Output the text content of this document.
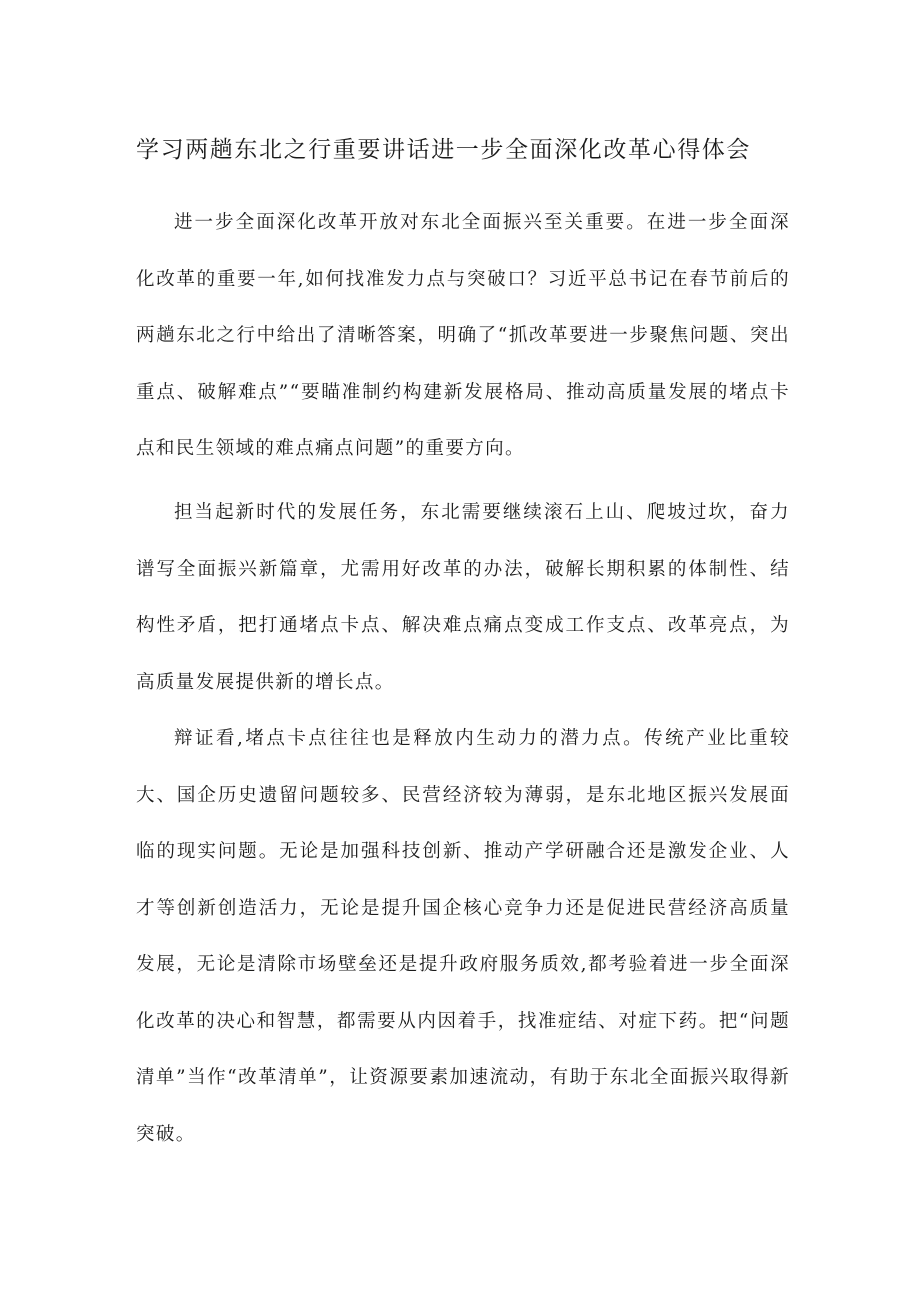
学习两趟东北之行重要讲话进一步全面深化改革心得体会

进一步全面深化改革开放对东北全面振兴至关重要。在进一步全面深化改革的重要一年,如何找准发力点与突破口？习近平总书记在春节前后的两趟东北之行中给出了清晰答案，明确了“抓改革要进一步聚焦问题、突出重点、破解难点”“要瞄准制约构建新发展格局、推动高质量发展的堵点卡点和民生领域的难点痛点问题”的重要方向。

担当起新时代的发展任务，东北需要继续滚石上山、爬坡过坎，奋力谱写全面振兴新篇章，尤需用好改革的办法，破解长期积累的体制性、结构性矛盾，把打通堵点卡点、解决难点痛点变成工作支点、改革亮点，为高质量发展提供新的增长点。

辩证看,堵点卡点往往也是释放内生动力的潜力点。传统产业比重较大、国企历史遗留问题较多、民营经济较为薄弱，是东北地区振兴发展面临的现实问题。无论是加强科技创新、推动产学研融合还是激发企业、人才等创新创造活力，无论是提升国企核心竞争力还是促进民营经济高质量发展，无论是清除市场壁垒还是提升政府服务质效,都考验着进一步全面深化改革的决心和智慧，都需要从内因着手，找准症结、对症下药。把“问题清单”当作“改革清单”，让资源要素加速流动，有助于东北全面振兴取得新突破。
